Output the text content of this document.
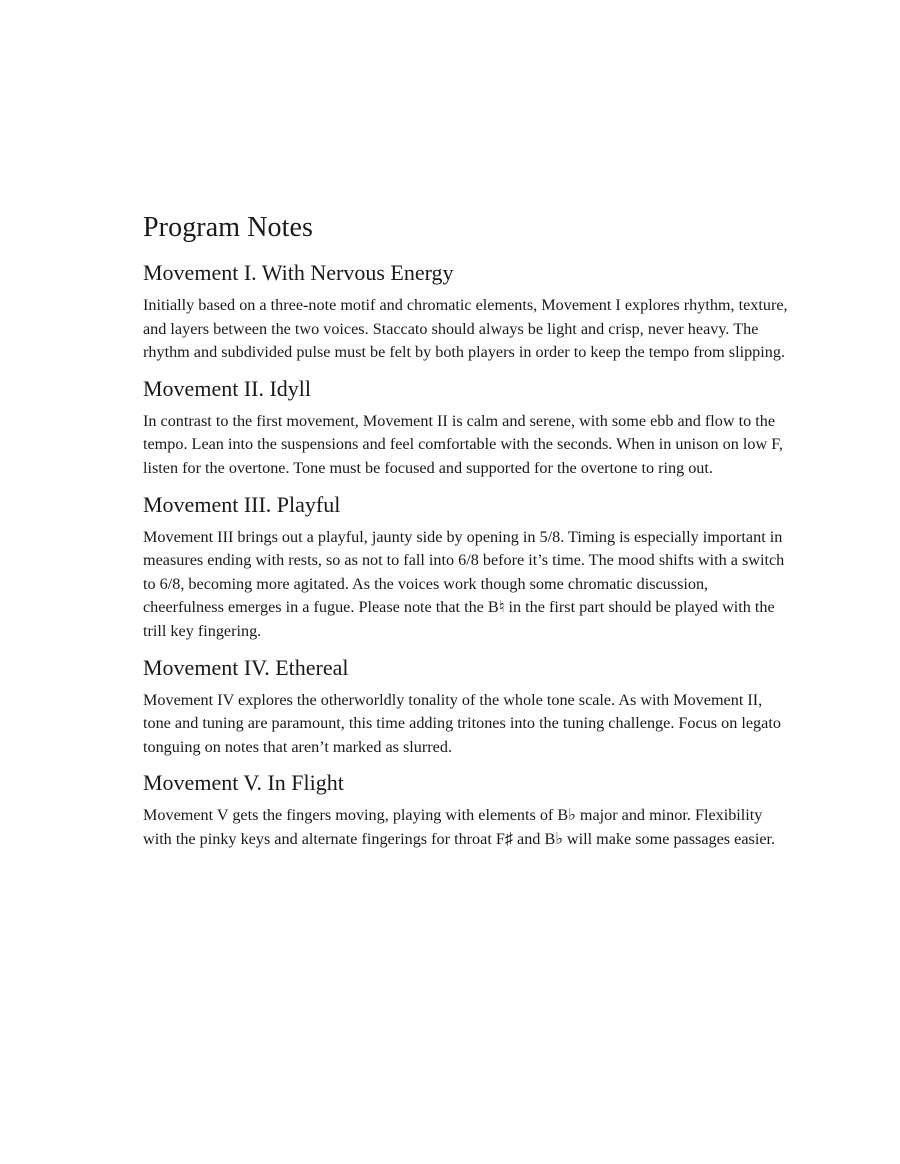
Program Notes
Movement I. With Nervous Energy

Initially based on a three-note motif and chromatic elements, Movement I explores rhythm, texture, and layers between the two voices. Staccato should always be light and crisp, never heavy. The rhythm and subdivided pulse must be felt by both players in order to keep the tempo from slipping.

Movement II. Idyll

In contrast to the first movement, Movement II is calm and serene, with some ebb and flow to the tempo. Lean into the suspensions and feel comfortable with the seconds. When in unison on low F, listen for the overtone. Tone must be focused and supported for the overtone to ring out.

Movement III. Playful

Movement III brings out a playful, jaunty side by opening in 5/8. Timing is especially important in measures ending with rests, so as not to fall into 6/8 before it’s time. The mood shifts with a switch to 6/8, becoming more agitated. As the voices work though some chromatic discussion, cheerfulness emerges in a fugue. Please note that the B♮ in the first part should be played with the trill key fingering.

Movement IV. Ethereal

Movement IV explores the otherworldly tonality of the whole tone scale. As with Movement II, tone and tuning are paramount, this time adding tritones into the tuning challenge. Focus on legato tonguing on notes that aren’t marked as slurred.

Movement V. In Flight

Movement V gets the fingers moving, playing with elements of B♭ major and minor. Flexibility with the pinky keys and alternate fingerings for throat F♯ and B♭ will make some passages easier.
